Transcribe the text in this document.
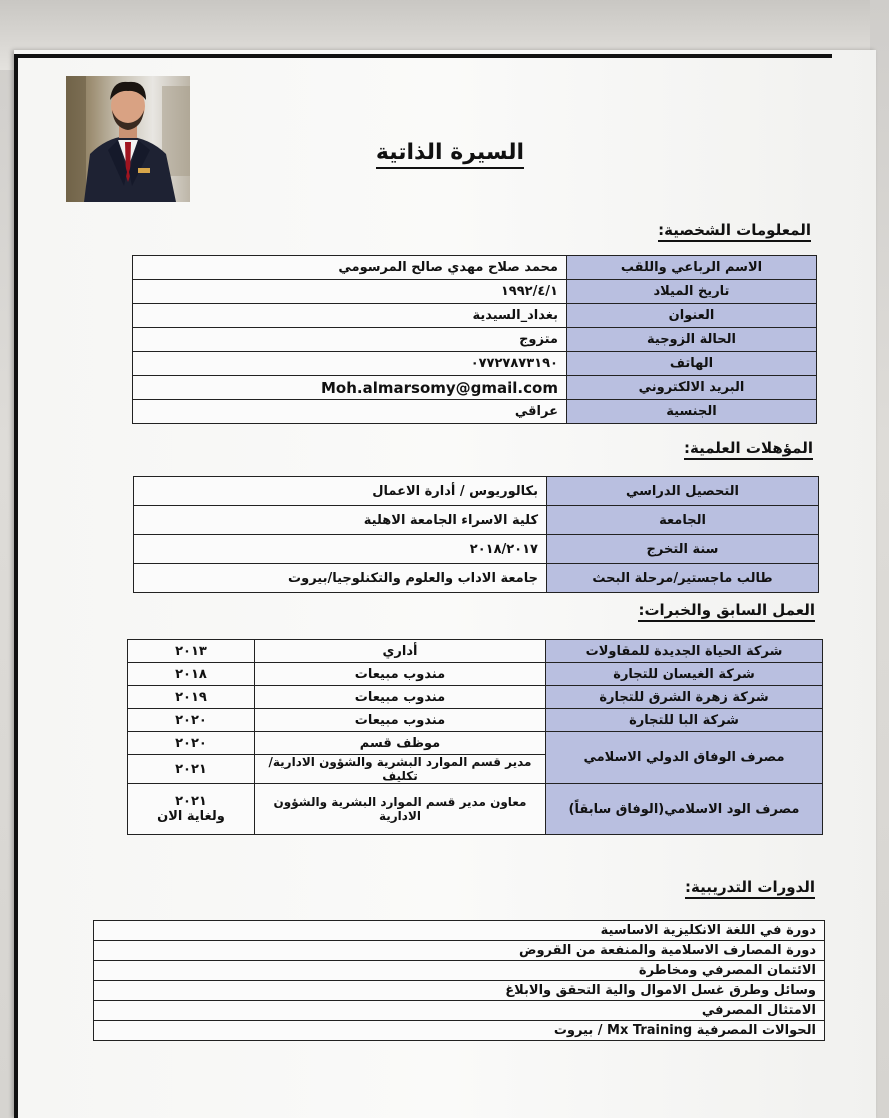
السيرة الذاتية
المعلومات الشخصية:
الاسم الرباعي واللقب	محمد صلاح مهدي صالح المرسومي
تاريخ الميلاد	١٩٩٢/٤/١
العنوان	بغداد_السيدية
الحالة الزوجية	متزوج
الهاتف	٠٧٧٢٧٨٧٣١٩٠
البريد الالكتروني	Moh.almarsomy@gmail.com
الجنسية	عراقي
المؤهلات العلمية:
التحصيل الدراسي	بكالوريوس / أدارة الاعمال
الجامعة	كلية الاسراء الجامعة الاهلية
سنة التخرج	٢٠١٨/٢٠١٧
طالب ماجستير/مرحلة البحث	جامعة الاداب والعلوم والتكنلوجيا/بيروت
العمل السابق والخبرات:
شركة الحياة الجديدة للمقاولات	أداري	٢٠١٣
شركة الغيسان للتجارة	مندوب مبيعات	٢٠١٨
شركة زهرة الشرق للتجارة	مندوب مبيعات	٢٠١٩
شركة البا للتجارة	مندوب مبيعات	٢٠٢٠
مصرف الوفاق الدولي الاسلامي	موظف قسم	٢٠٢٠
	مدير قسم الموارد البشرية والشؤون الادارية/ تكليف	٢٠٢١
مصرف الود الاسلامي(الوفاق سابقاً)	معاون مدير قسم الموارد البشرية والشؤون الادارية	٢٠٢١
ولغاية الان
الدورات التدريبية:
دورة في اللغة الانكليزية الاساسية
دورة المصارف الاسلامية والمنفعة من القروض
الائتمان المصرفي ومخاطرة
وسائل وطرق غسل الاموال والية التحقق والابلاغ
الامتثال المصرفي
الحوالات المصرفية Mx Training / بيروت
